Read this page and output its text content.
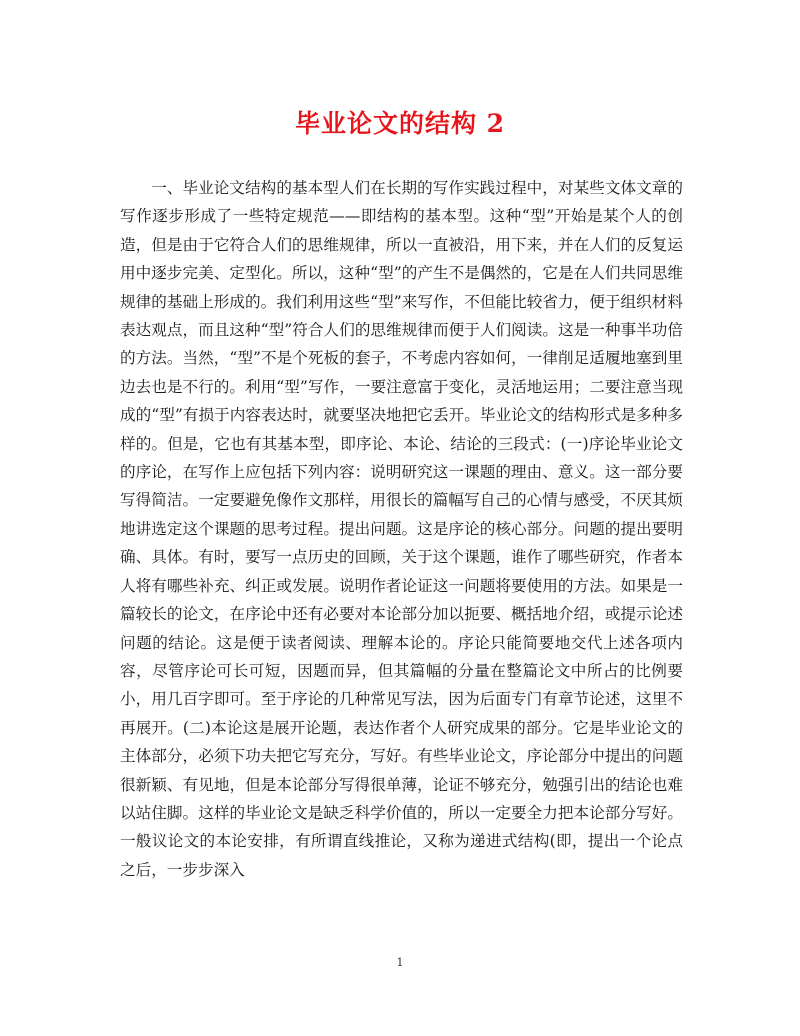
毕业论文的结构 2

一、毕业论文结构的基本型人们在长期的写作实践过程中，对某些文体文章的写作逐步形成了一些特定规范——即结构的基本型。这种“型”开始是某个人的创造，但是由于它符合人们的思维规律，所以一直被沿，用下来，并在人们的反复运用中逐步完美、定型化。所以，这种“型”的产生不是偶然的，它是在人们共同思维规律的基础上形成的。我们利用这些“型”来写作，不但能比较省力，便于组织材料表达观点，而且这种“型”符合人们的思维规律而便于人们阅读。这是一种事半功倍的方法。当然，“型”不是个死板的套子，不考虑内容如何，一律削足适履地塞到里边去也是不行的。利用“型”写作，一要注意富于变化，灵活地运用；二要注意当现成的“型”有损于内容表达时，就要坚决地把它丢开。毕业论文的结构形式是多种多样的。但是，它也有其基本型，即序论、本论、结论的三段式：(一)序论毕业论文的序论，在写作上应包括下列内容：说明研究这一课题的理由、意义。这一部分要写得简洁。一定要避免像作文那样，用很长的篇幅写自己的心情与感受，不厌其烦地讲选定这个课题的思考过程。提出问题。这是序论的核心部分。问题的提出要明确、具体。有时，要写一点历史的回顾，关于这个课题，谁作了哪些研究，作者本人将有哪些补充、纠正或发展。说明作者论证这一问题将要使用的方法。如果是一篇较长的论文，在序论中还有必要对本论部分加以扼要、概括地介绍，或提示论述问题的结论。这是便于读者阅读、理解本论的。序论只能简要地交代上述各项内容，尽管序论可长可短，因题而异，但其篇幅的分量在整篇论文中所占的比例要小，用几百字即可。至于序论的几种常见写法，因为后面专门有章节论述，这里不再展开。(二)本论这是展开论题，表达作者个人研究成果的部分。它是毕业论文的主体部分，必须下功夫把它写充分，写好。有些毕业论文，序论部分中提出的问题很新颖、有见地，但是本论部分写得很单薄，论证不够充分，勉强引出的结论也难以站住脚。这样的毕业论文是缺乏科学价值的，所以一定要全力把本论部分写好。一般议论文的本论安排，有所谓直线推论，又称为递进式结构(即，提出一个论点之后，一步步深入

1
